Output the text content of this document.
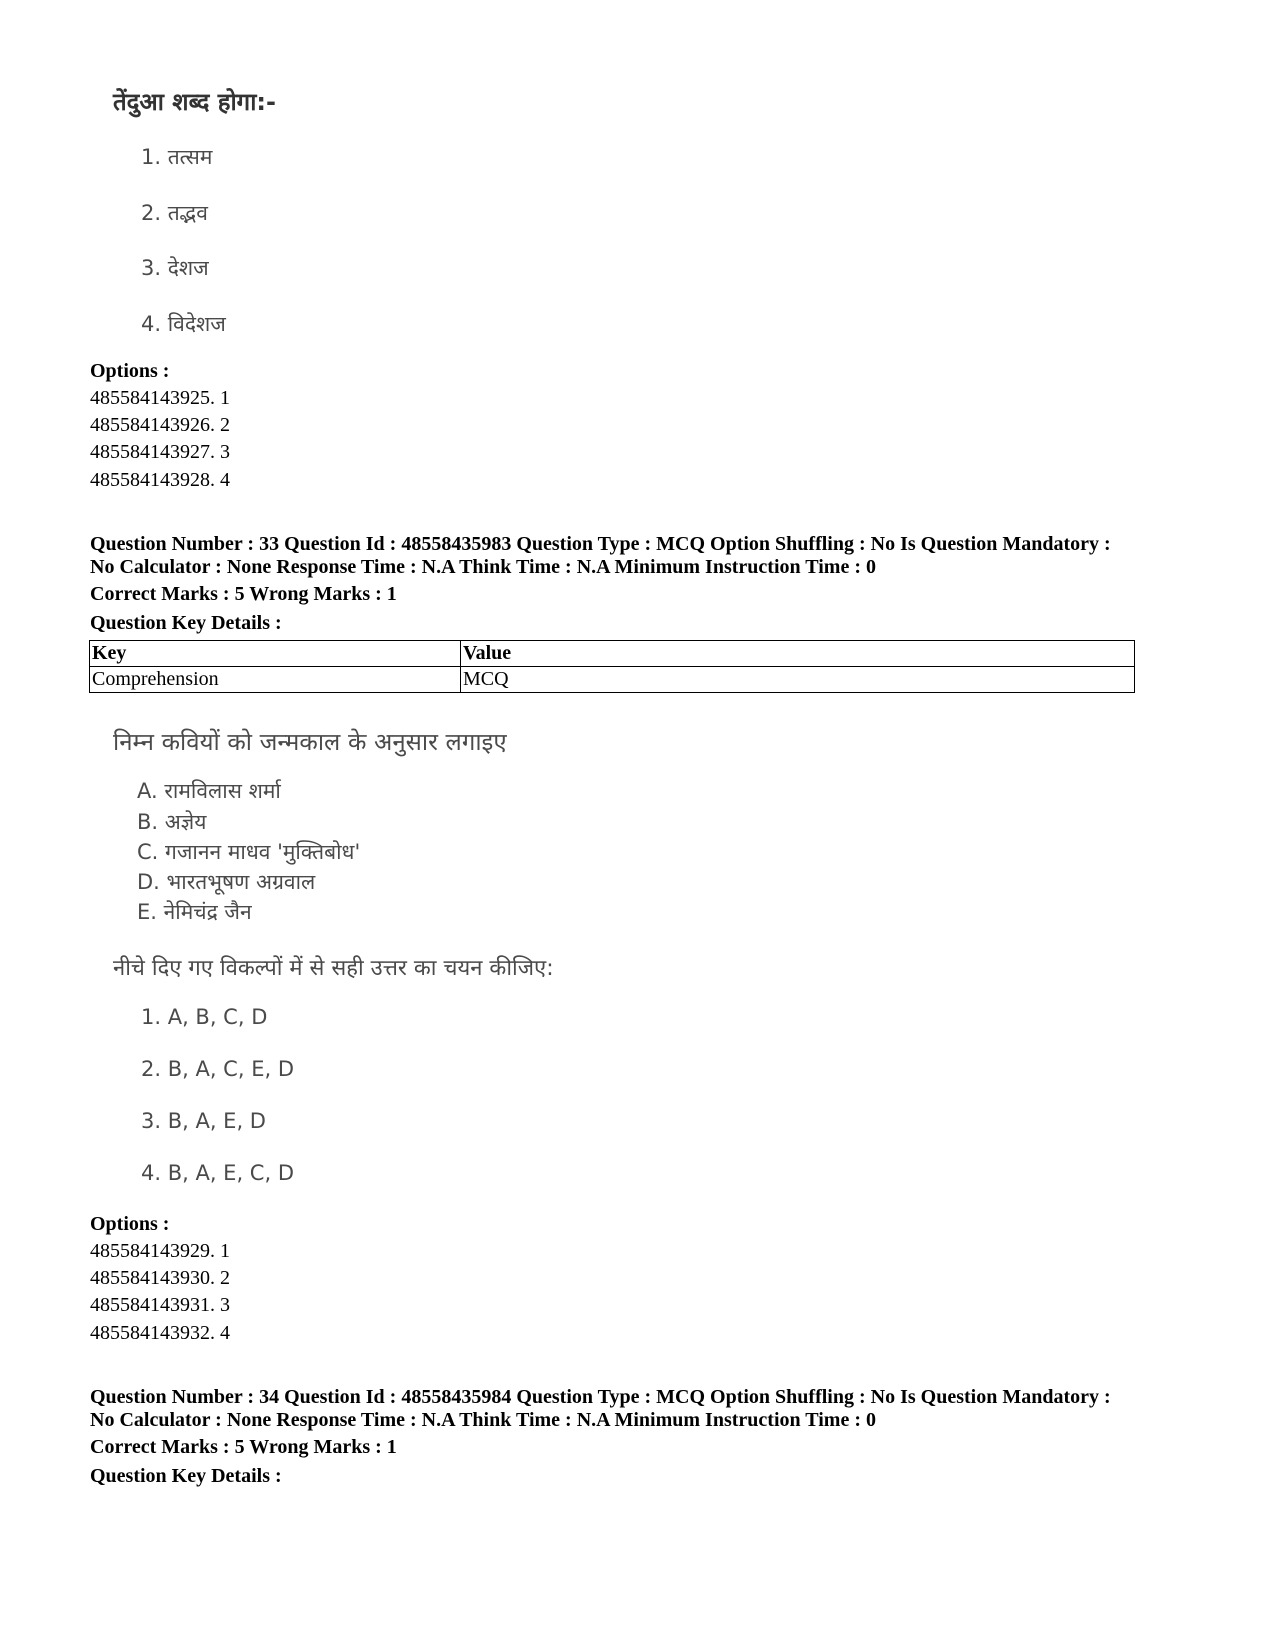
तेंदुआ शब्द होगा:-
1. तत्सम
2. तद्भव
3. देशज
4. विदेशज
Options :
485584143925. 1
485584143926. 2
485584143927. 3
485584143928. 4
Question Number : 33 Question Id : 48558435983 Question Type : MCQ Option Shuffling : No Is Question Mandatory :
No Calculator : None Response Time : N.A Think Time : N.A Minimum Instruction Time : 0
Correct Marks : 5 Wrong Marks : 1
Question Key Details :
Key	Value
Comprehension	MCQ
निम्न कवियों को जन्मकाल के अनुसार लगाइए
A. रामविलास शर्मा
B. अज्ञेय
C. गजानन माधव 'मुक्तिबोध'
D. भारतभूषण अग्रवाल
E. नेमिचंद्र जैन
नीचे दिए गए विकल्पों में से सही उत्तर का चयन कीजिए:
1. A, B, C, D
2. B, A, C, E, D
3. B, A, E, D
4. B, A, E, C, D
Options :
485584143929. 1
485584143930. 2
485584143931. 3
485584143932. 4
Question Number : 34 Question Id : 48558435984 Question Type : MCQ Option Shuffling : No Is Question Mandatory :
No Calculator : None Response Time : N.A Think Time : N.A Minimum Instruction Time : 0
Correct Marks : 5 Wrong Marks : 1
Question Key Details :
